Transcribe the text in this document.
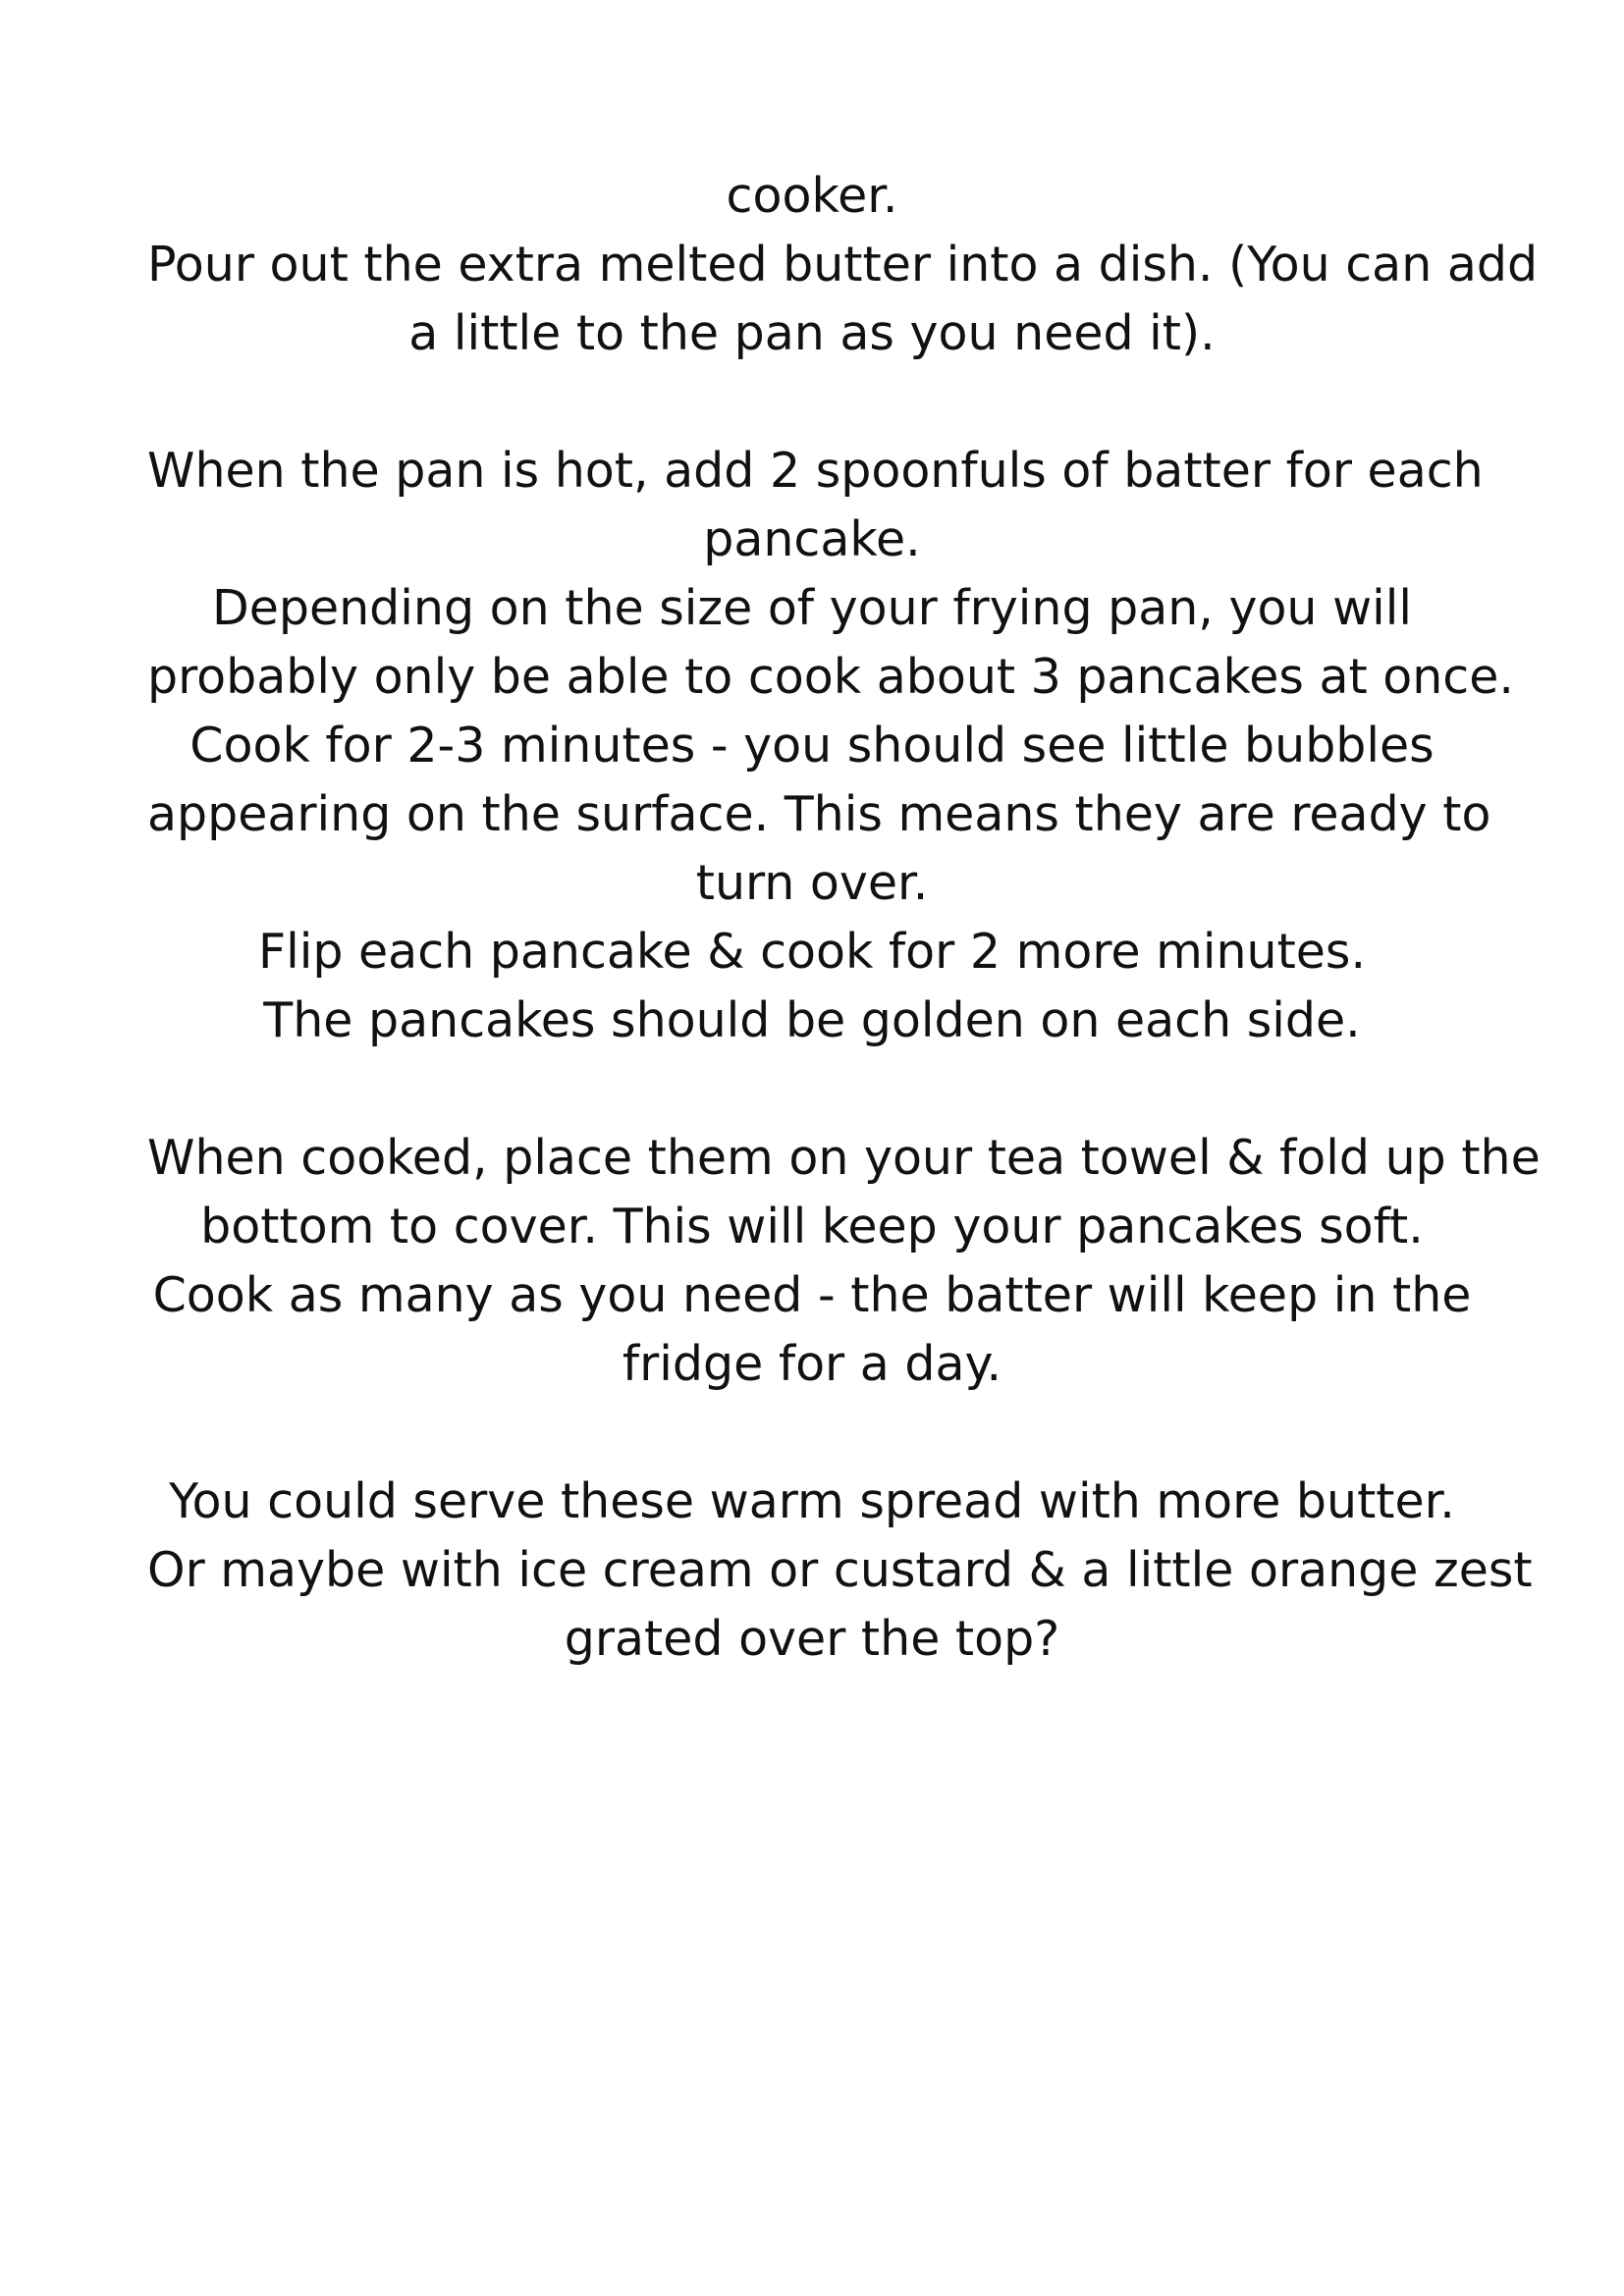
cooker.
Pour out the extra melted butter into a dish. (You can add
a little to the pan as you need it).
When the pan is hot, add 2 spoonfuls of batter for each
pancake.
Depending on the size of your frying pan, you will
probably only be able to cook about 3 pancakes at once.
Cook for 2-3 minutes - you should see little bubbles
appearing on the surface. This means they are ready to
turn over.
Flip each pancake & cook for 2 more minutes.
The pancakes should be golden on each side.
When cooked, place them on your tea towel & fold up the
bottom to cover. This will keep your pancakes soft.
Cook as many as you need - the batter will keep in the
fridge for a day.
You could serve these warm spread with more butter.
Or maybe with ice cream or custard & a little orange zest
grated over the top?
